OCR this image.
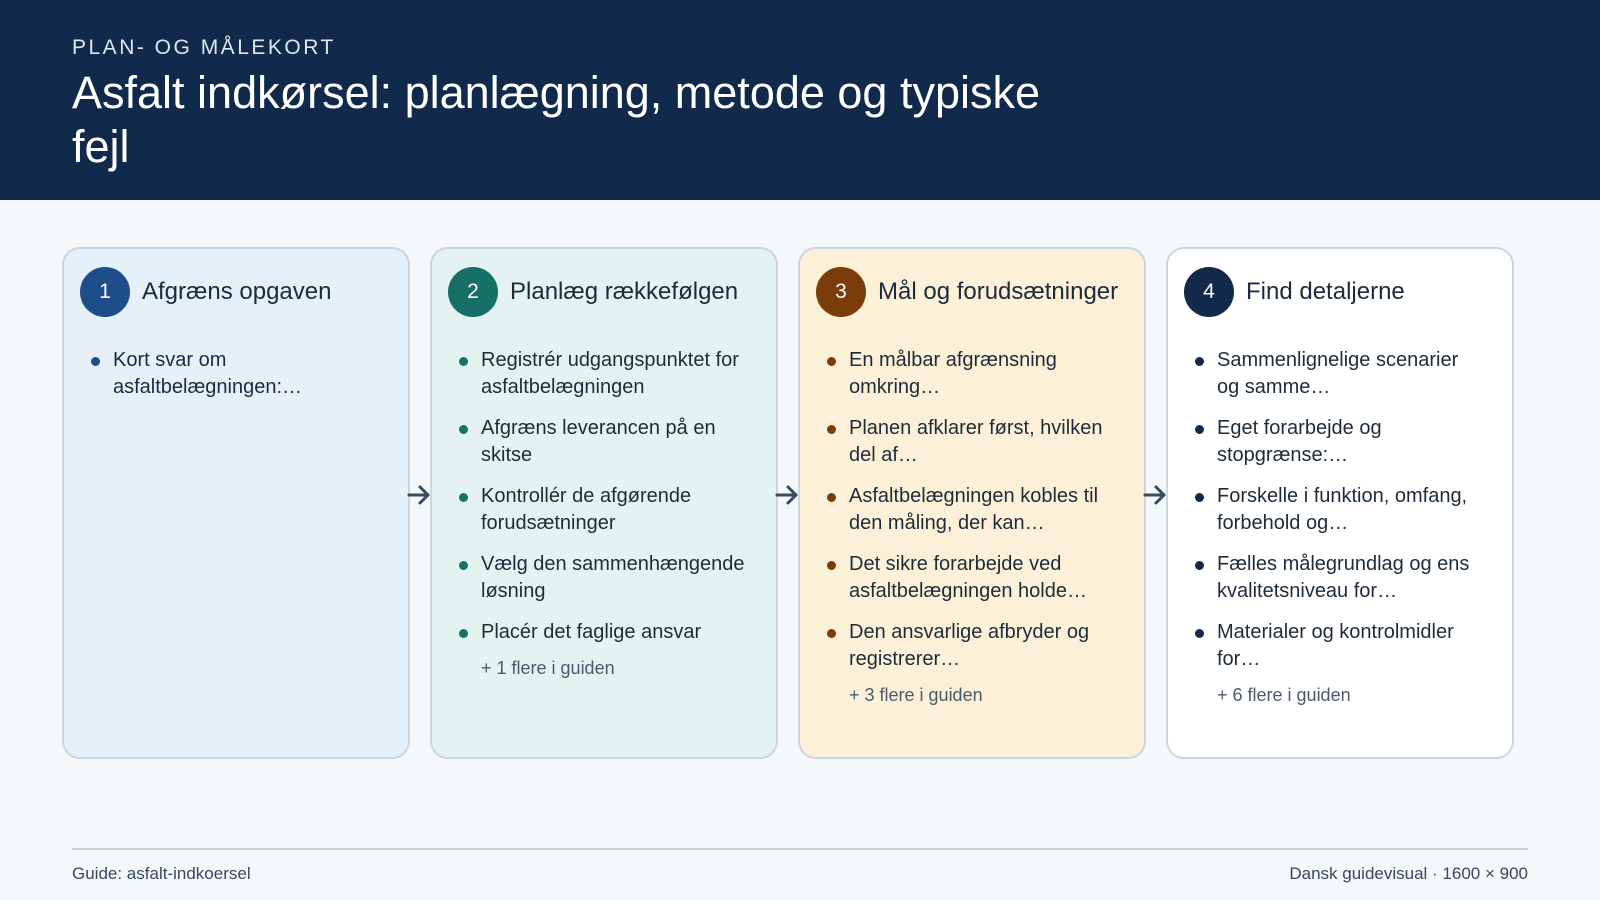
PLAN- OG MÅLEKORT
Asfalt indkørsel: planlægning, metode og typiske fejl
1	Afgræns opgaven
Kort svar om asfaltbelægningen:…
2	Planlæg rækkefølgen
Registrér udgangspunktet for asfaltbelægningen
Afgræns leverancen på en skitse
Kontrollér de afgørende forudsætninger
Vælg den sammenhængende løsning
Placér det faglige ansvar
+ 1 flere i guiden
3	Mål og forudsætninger
En målbar afgrænsning omkring…
Planen afklarer først, hvilken del af…
Asfaltbelægningen kobles til den måling, der kan…
Det sikre forarbejde ved asfaltbelægningen holde…
Den ansvarlige afbryder og registrerer…
+ 3 flere i guiden
4	Find detaljerne
Sammenlignelige scenarier og samme…
Eget forarbejde og stopgrænse:…
Forskelle i funktion, omfang, forbehold og…
Fælles målegrundlag og ens kvalitetsniveau for…
Materialer og kontrolmidler for…
+ 6 flere i guiden
Guide: asfalt-indkoersel	Dansk guidevisual · 1600 × 900
